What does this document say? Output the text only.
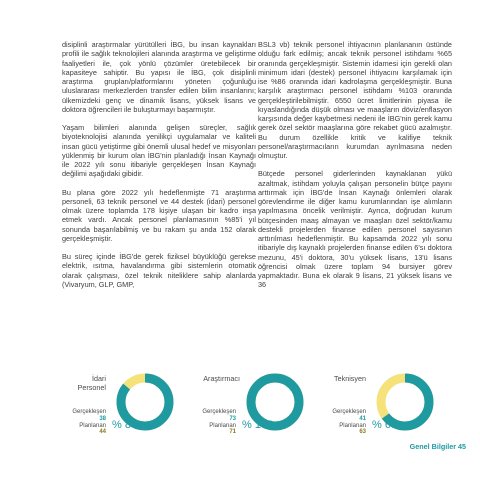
disiplinli araştırmalar yürütülleri İBG, bu insan kaynakları profili ile sağlık teknolojileri alanında araştırma ve geliştirme faaliyetleri ile, çok yönlü çözümler üretebilecek bir kapasiteye sahiptir. Bu yapısı ile İBG, çok disiplinli araştırma grupları/platformlarını yöneten çoğunluğu uluslararası merkezlerden transfer edilen bilim insanlarını; ülkemizdeki genç ve dinamik lisans, yüksek lisans ve doktora öğrencileri ile buluşturmayı başarmıştır.

Yaşam bilimleri alanında gelişen süreçler, sağlık biyoteknolojisi alanında yenilikçi uygulamalar ve kaliteli insan gücü yetiştirme gibi önemli ulusal hedef ve misyonları yüklenmiş bir kurum olan İBG'nin planladığı İnsan Kaynağı ile 2022 yılı sonu itibariyle gerçekleşen İnsan Kaynağı değilimi aşağıdaki gibidir.

Bu plana göre 2022 yılı hedeflenmişte 71 araştırma personeli, 63 teknik personel ve 44 destek (idari) personel olmak üzere toplamda 178 kişiye ulaşan bir kadro inşa etmek vardı. Ancak personel planlamasının %85'i yıl sonunda başarılabilmiş ve bu rakam şu anda 152 olarak gerçekleşmiştir.

Bu süreç içinde İBG'de gerek fiziksel büyüklüğü gerekse elektrik, ısıtma, havalandırma gibi sistemlerin otomatik olarak çalışması, özel teknik niteliklere sahip alanlarda (Vivaryum, GLP, GMP,

BSL3 vb) teknik personel ihtiyacının planlananın üstünde olduğu fark edilmiş; ancak teknik personel istihdamı %65 oranında gerçekleşmiştir. Sistemin idamesi için gerekli olan minimum idari (destek) personel ihtiyacını karşılamak için ise %86 oranında idari kadrolaşma gerçekleşmiştir. Buna karşılık araştırmacı personel istihdamı %103 oranında gerçekleştirilebilmiştir. 6550 ücret limitlerinin piyasa ile kıyaslandığında düşük olması ve maaşların döviz/enflasyon karşısında değer kaybetmesi nedeni ile İBG'nin gerek kamu gerek özel sektör maaşlarına göre rekabet gücü azalmıştır. Bu durum özellikle kritik ve kalifiye teknik personel/araştırmacıların kurumdan ayrılmasına neden olmuştur.

Bütçede personel giderlerinden kaynaklanan yükü azaltmak, istihdam yoluyla çalışan personelin bütçe payını arttırmak için İBG'de İnsan Kaynağı önlemleri olarak görevlendirme ile diğer kamu kurumlarından işe alımların yapılmasına öncelik verilmiştir. Ayrıca, doğrudan kurum bütçesinden maaş almayan ve maaşları özel sektör/kamu destekli projelerden finanse edilen personel sayısının arttırılması hedeflenmiştir. Bu kapsamda 2022 yılı sonu itibariyle dış kaynaklı projelerden finanse edilen 6'sı doktora mezunu, 45'i doktora, 30'u yüksek lisans, 13'ü lisans öğrencisi olmak üzere toplam 94 bursiyer görev yapmaktadır. Buna ek olarak 9 lisans, 21 yüksek lisans ve 36

İdari
Personel
Gerçekleşen
38
Planlanan
44
% 86
Araştırmacı
Gerçekleşen
73
Planlanan
71
% 103
Teknisyen
Gerçekleşen
41
Planlanan
63
% 65
Genel Bilgiler 45
